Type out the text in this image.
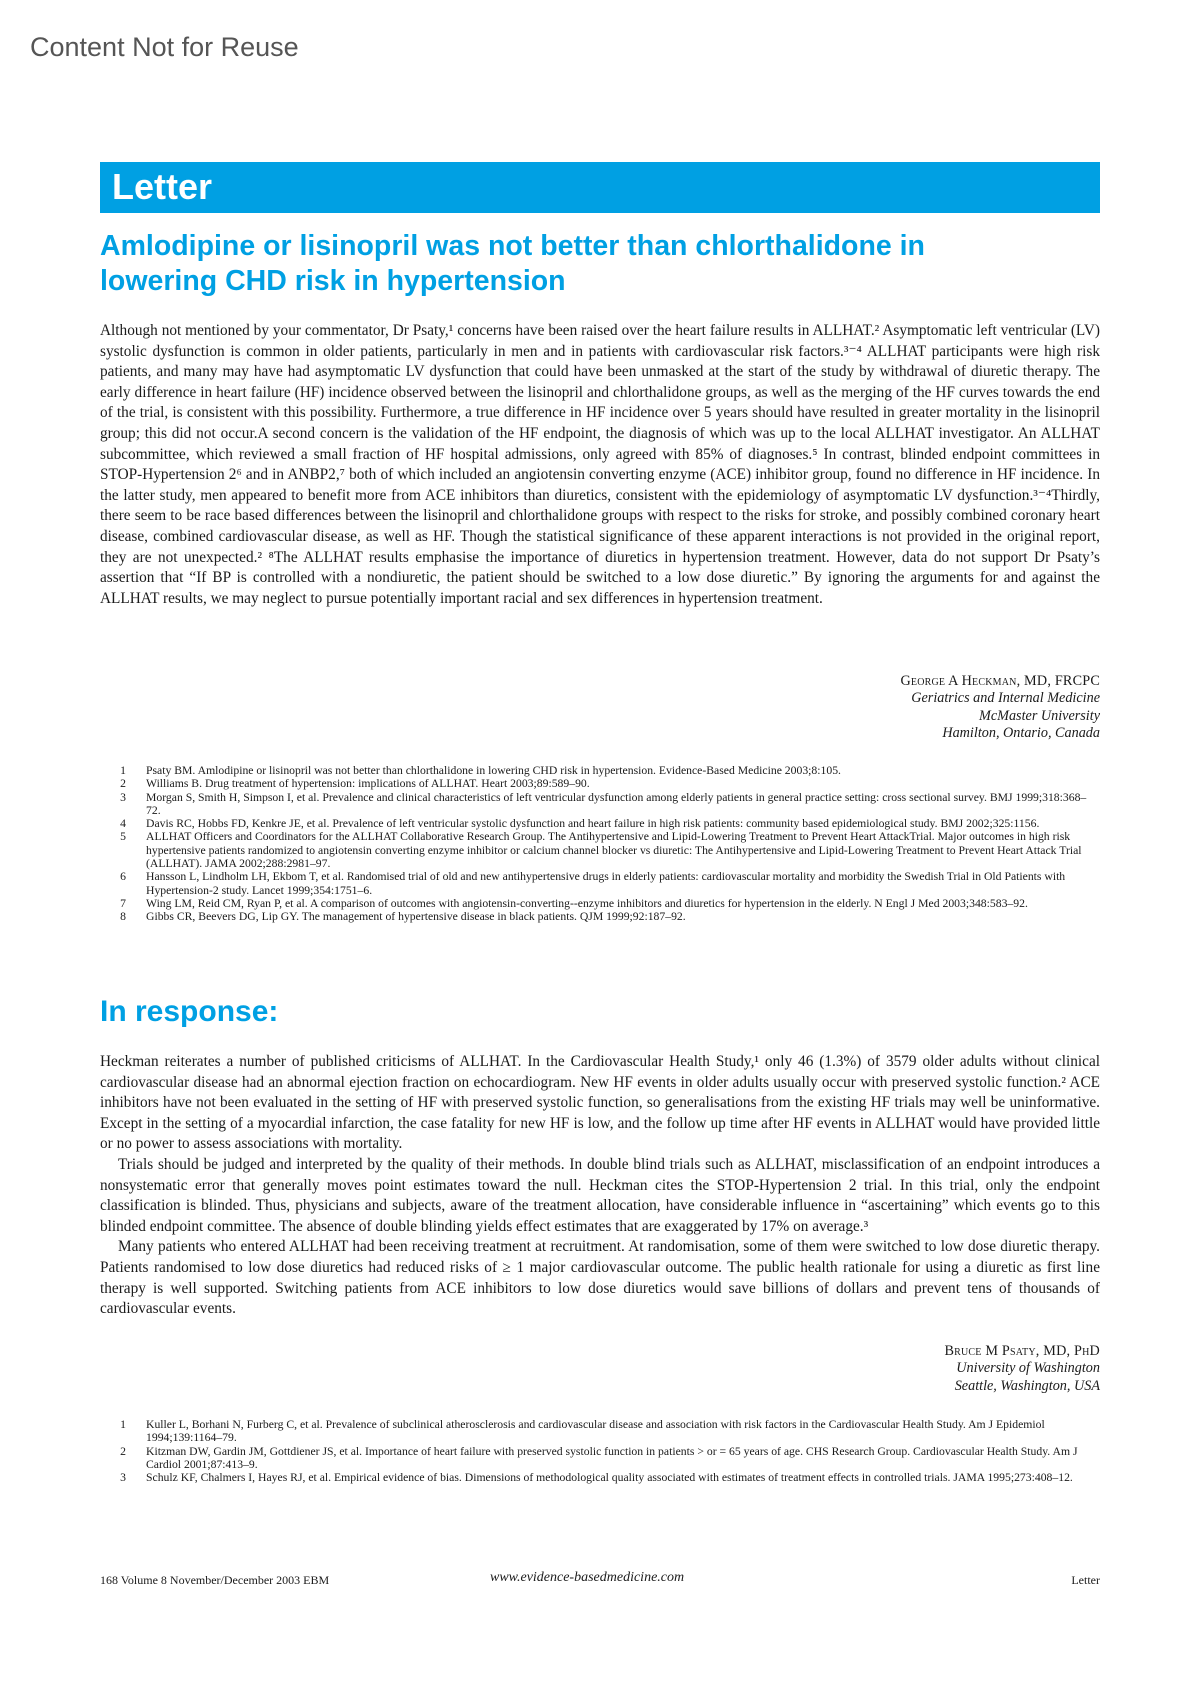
Content Not for Reuse
Letter
Amlodipine or lisinopril was not better than chlorthalidone in
lowering CHD risk in hypertension

Although not mentioned by your commentator, Dr Psaty,¹ concerns have been raised over the heart failure results in ALLHAT.² Asymptomatic left ventricular (LV) systolic dysfunction is common in older patients, particularly in men and in patients with cardiovascular risk factors.³⁻⁴ ALLHAT participants were high risk patients, and many may have had asymptomatic LV dysfunction that could have been unmasked at the start of the study by withdrawal of diuretic therapy. The early difference in heart failure (HF) incidence observed between the lisinopril and chlorthalidone groups, as well as the merging of the HF curves towards the end of the trial, is consistent with this possibility. Furthermore, a true difference in HF incidence over 5 years should have resulted in greater mortality in the lisinopril group; this did not occur.A second concern is the validation of the HF endpoint, the diagnosis of which was up to the local ALLHAT investigator. An ALLHAT subcommittee, which reviewed a small fraction of HF hospital admissions, only agreed with 85% of diagnoses.⁵ In contrast, blinded endpoint committees in STOP-Hypertension 2⁶ and in ANBP2,⁷ both of which included an angiotensin converting enzyme (ACE) inhibitor group, found no difference in HF incidence. In the latter study, men appeared to benefit more from ACE inhibitors than diuretics, consistent with the epidemiology of asymptomatic LV dysfunction.³⁻⁴Thirdly, there seem to be race based differences between the lisinopril and chlorthalidone groups with respect to the risks for stroke, and possibly combined coronary heart disease, combined cardiovascular disease, as well as HF. Though the statistical significance of these apparent interactions is not provided in the original report, they are not unexpected.² ⁸The ALLHAT results emphasise the importance of diuretics in hypertension treatment. However, data do not support Dr Psaty’s assertion that “If BP is controlled with a nondiuretic, the patient should be switched to a low dose diuretic.” By ignoring the arguments for and against the ALLHAT results, we may neglect to pursue potentially important racial and sex differences in hypertension treatment.

George A Heckman, MD, FRCPC
Geriatrics and Internal Medicine
McMaster University
Hamilton, Ontario, Canada
1 Psaty BM. Amlodipine or lisinopril was not better than chlorthalidone in lowering CHD risk in hypertension. Evidence-Based Medicine 2003;8:105.
2 Williams B. Drug treatment of hypertension: implications of ALLHAT. Heart 2003;89:589–90.
3 Morgan S, Smith H, Simpson I, et al. Prevalence and clinical characteristics of left ventricular dysfunction among elderly patients in general practice setting: cross sectional survey. BMJ 1999;318:368–72.
4 Davis RC, Hobbs FD, Kenkre JE, et al. Prevalence of left ventricular systolic dysfunction and heart failure in high risk patients: community based epidemiological study. BMJ 2002;325:1156.
5 ALLHAT Officers and Coordinators for the ALLHAT Collaborative Research Group. The Antihypertensive and Lipid-Lowering Treatment to Prevent Heart AttackTrial. Major outcomes in high risk hypertensive patients randomized to angiotensin converting enzyme inhibitor or calcium channel blocker vs diuretic: The Antihypertensive and Lipid-Lowering Treatment to Prevent Heart Attack Trial (ALLHAT). JAMA 2002;288:2981–97.
6 Hansson L, Lindholm LH, Ekbom T, et al. Randomised trial of old and new antihypertensive drugs in elderly patients: cardiovascular mortality and morbidity the Swedish Trial in Old Patients with Hypertension-2 study. Lancet 1999;354:1751–6.
7 Wing LM, Reid CM, Ryan P, et al. A comparison of outcomes with angiotensin-converting--enzyme inhibitors and diuretics for hypertension in the elderly. N Engl J Med 2003;348:583–92.
8 Gibbs CR, Beevers DG, Lip GY. The management of hypertensive disease in black patients. QJM 1999;92:187–92.
In response:

Heckman reiterates a number of published criticisms of ALLHAT. In the Cardiovascular Health Study,¹ only 46 (1.3%) of 3579 older adults without clinical cardiovascular disease had an abnormal ejection fraction on echocardiogram. New HF events in older adults usually occur with preserved systolic function.² ACE inhibitors have not been evaluated in the setting of HF with preserved systolic function, so generalisations from the existing HF trials may well be uninformative. Except in the setting of a myocardial infarction, the case fatality for new HF is low, and the follow up time after HF events in ALLHAT would have provided little or no power to assess associations with mortality.

Trials should be judged and interpreted by the quality of their methods. In double blind trials such as ALLHAT, misclassification of an endpoint introduces a nonsystematic error that generally moves point estimates toward the null. Heckman cites the STOP-Hypertension 2 trial. In this trial, only the endpoint classification is blinded. Thus, physicians and subjects, aware of the treatment allocation, have considerable influence in “ascertaining” which events go to this blinded endpoint committee. The absence of double blinding yields effect estimates that are exaggerated by 17% on average.³

Many patients who entered ALLHAT had been receiving treatment at recruitment. At randomisation, some of them were switched to low dose diuretic therapy. Patients randomised to low dose diuretics had reduced risks of ≥ 1 major cardiovascular outcome. The public health rationale for using a diuretic as first line therapy is well supported. Switching patients from ACE inhibitors to low dose diuretics would save billions of dollars and prevent tens of thousands of cardiovascular events.

Bruce M Psaty, MD, PhD
University of Washington
Seattle, Washington, USA
1 Kuller L, Borhani N, Furberg C, et al. Prevalence of subclinical atherosclerosis and cardiovascular disease and association with risk factors in the Cardiovascular Health Study. Am J Epidemiol 1994;139:1164–79.
2 Kitzman DW, Gardin JM, Gottdiener JS, et al. Importance of heart failure with preserved systolic function in patients > or = 65 years of age. CHS Research Group. Cardiovascular Health Study. Am J Cardiol 2001;87:413–9.
3 Schulz KF, Chalmers I, Hayes RJ, et al. Empirical evidence of bias. Dimensions of methodological quality associated with estimates of treatment effects in controlled trials. JAMA 1995;273:408–12.
168 Volume 8 November/December 2003 EBM	www.evidence-basedmedicine.com	Letter
